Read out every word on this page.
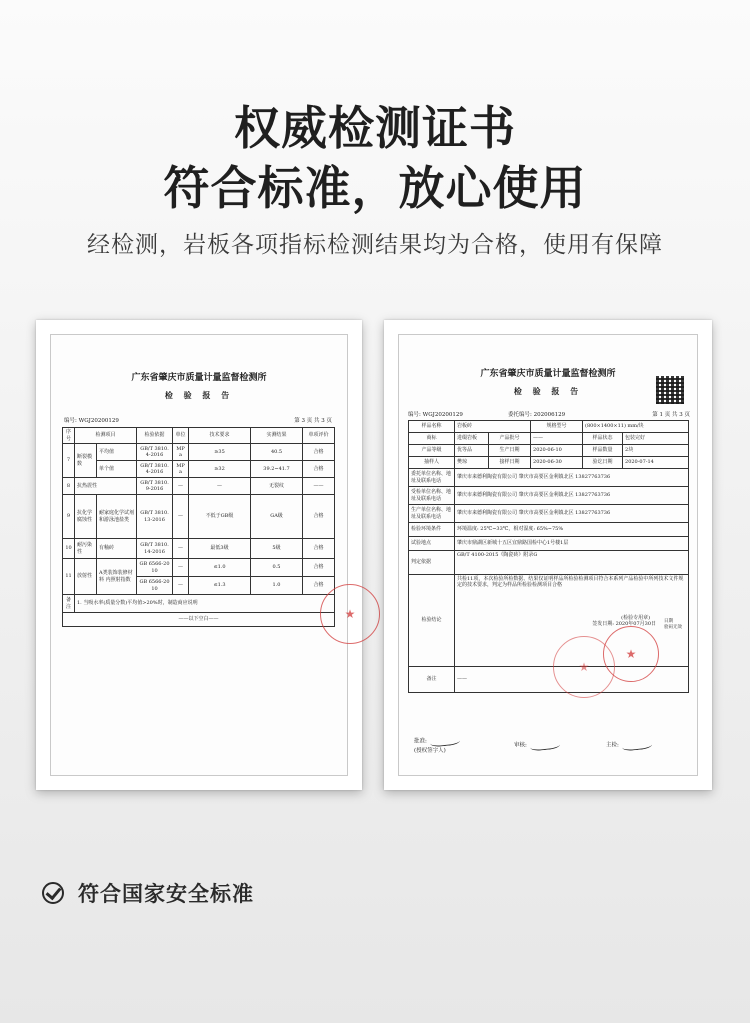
权威检测证书
符合标准，放心使用
经检测，岩板各项指标检测结果均为合格，使用有保障
广东省肇庆市质量计量监督检测所
检 验 报 告
编号: WGJ20200129	第 3 页 共 3 页
序号	检测项目		检验依据	单位	技术要求	实测结果	单项评价
7	断裂模数	平均值	GB/T 3810.4-2016	MPa	≥35	40.5	合格
		单个值	GB/T 3810.4-2016	MPa	≥32	39.2~41.7	合格
8	抗热震性		GB/T 3810.9-2016	—	—	无裂纹	——
9	抗化学腐蚀性	耐家庭化学试剂和游泳池盐类	GB/T 3810.13-2016	—	不低于GB级	GA级	合格
10	耐污染性	有釉砖	GB/T 3810.14-2016	—	最低3级	5级	合格
11	放射性	A类装饰装修材料 内照射指数	GB 6566-2010	—	≤1.0	0.5	合格
			GB 6566-2010	—	≤1.3	1.0	合格
备注	1. 当吸水率(质量分数)平均值>20%时，制造商应说明						
——以下空白——								★
广东省肇庆市质量计量监督检测所
检 验 报 告
编号: WGJ20200129	委托编号: 202006129	第 1 页 共 3 页
样品名称	岩板砖		规格型号	(800×1400×11) mm/块	
商标	进缀岩板	产品批号	——	样品状态	包装完好
产品等级	优等品	生产日期	2020-06-10	样品数量	2块
抽样人	樊琼	接样日期	2020-06-30	验讫日期	2020-07-14
委托单位名称、地址及联系电话	肇庆市来德利陶瓷有限公司 肇庆市高要区金利镇北区 13827763736				
受检单位名称、地址及联系电话	肇庆市来德利陶瓷有限公司 肇庆市高要区金利镇北区 13827763736				
生产单位名称、地址及联系电话	肇庆市来德利陶瓷有限公司 肇庆市高要区金利镇北区 13827763736				
检验环境条件	环境温度: 25℃~33℃，相对湿度: 65%~75%				
试验地点	肇庆市鼎湖区新城十五区宜鼎路国检中心1号楼1层				
判定依据	GB/T 4100-2015《陶瓷砖》附录G				
检验结论	共检11项，本次检验所检数据、结果仅证明样品所检验检测项目符合本系列产品检验中所列技术文件规定的技术要求，判定为样品所检验检测项目合格
(检验专用章)
签发日期: 2020年07月30日 日期
验码无效				

备注	——				
★
★
批准:
(授权签字人)
审核:	主检:
符合国家安全标准
